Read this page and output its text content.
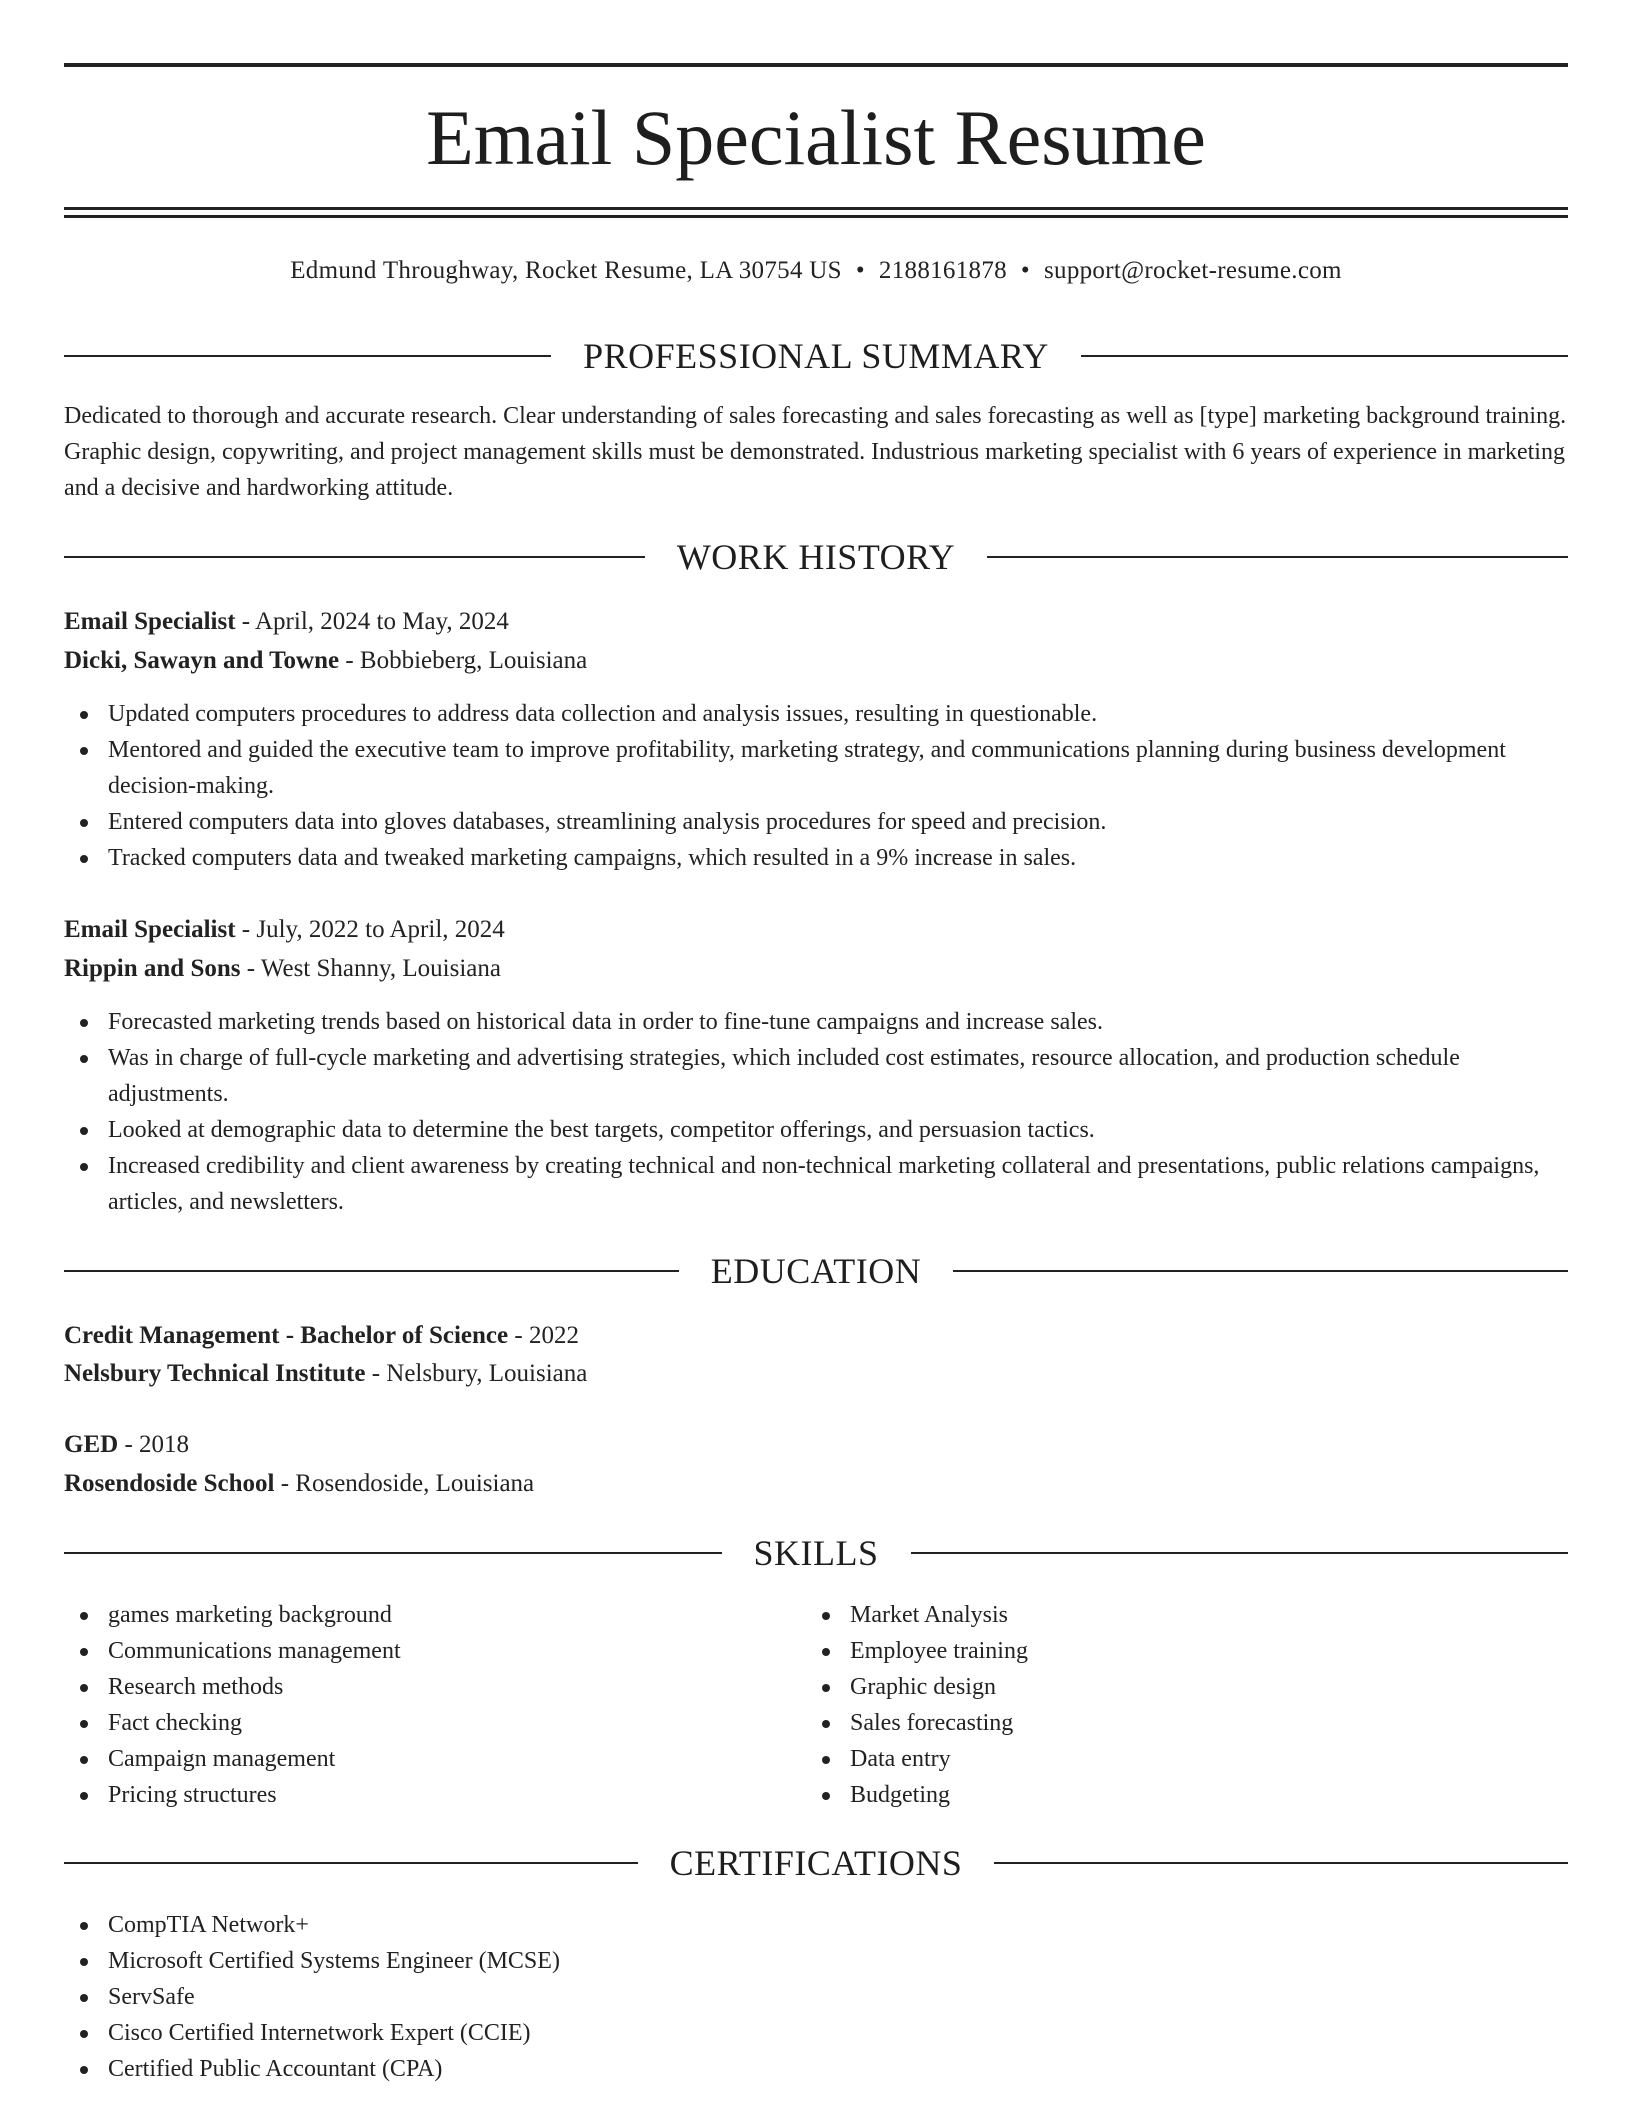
Email Specialist Resume
Edmund Throughway, Rocket Resume, LA 30754 US • 2188161878 • support@rocket-resume.com
PROFESSIONAL SUMMARY

Dedicated to thorough and accurate research. Clear understanding of sales forecasting and sales forecasting as well as [type] marketing background training. Graphic design, copywriting, and project management skills must be demonstrated. Industrious marketing specialist with 6 years of experience in marketing and a decisive and hardworking attitude.

WORK HISTORY
Email Specialist - April, 2024 to May, 2024
Dicki, Sawayn and Towne - Bobbieberg, Louisiana
Updated computers procedures to address data collection and analysis issues, resulting in questionable.
Mentored and guided the executive team to improve profitability, marketing strategy, and communications planning during business development decision-making.
Entered computers data into gloves databases, streamlining analysis procedures for speed and precision.
Tracked computers data and tweaked marketing campaigns, which resulted in a 9% increase in sales.
Email Specialist - July, 2022 to April, 2024
Rippin and Sons - West Shanny, Louisiana
Forecasted marketing trends based on historical data in order to fine-tune campaigns and increase sales.
Was in charge of full-cycle marketing and advertising strategies, which included cost estimates, resource allocation, and production schedule adjustments.
Looked at demographic data to determine the best targets, competitor offerings, and persuasion tactics.
Increased credibility and client awareness by creating technical and non-technical marketing collateral and presentations, public relations campaigns, articles, and newsletters.
EDUCATION
Credit Management - Bachelor of Science - 2022
Nelsbury Technical Institute - Nelsbury, Louisiana
GED - 2018
Rosendoside School - Rosendoside, Louisiana
SKILLS
games marketing background
Communications management
Research methods
Fact checking
Campaign management
Pricing structures
Market Analysis
Employee training
Graphic design
Sales forecasting
Data entry
Budgeting
CERTIFICATIONS
CompTIA Network+
Microsoft Certified Systems Engineer (MCSE)
ServSafe
Cisco Certified Internetwork Expert (CCIE)
Certified Public Accountant (CPA)
